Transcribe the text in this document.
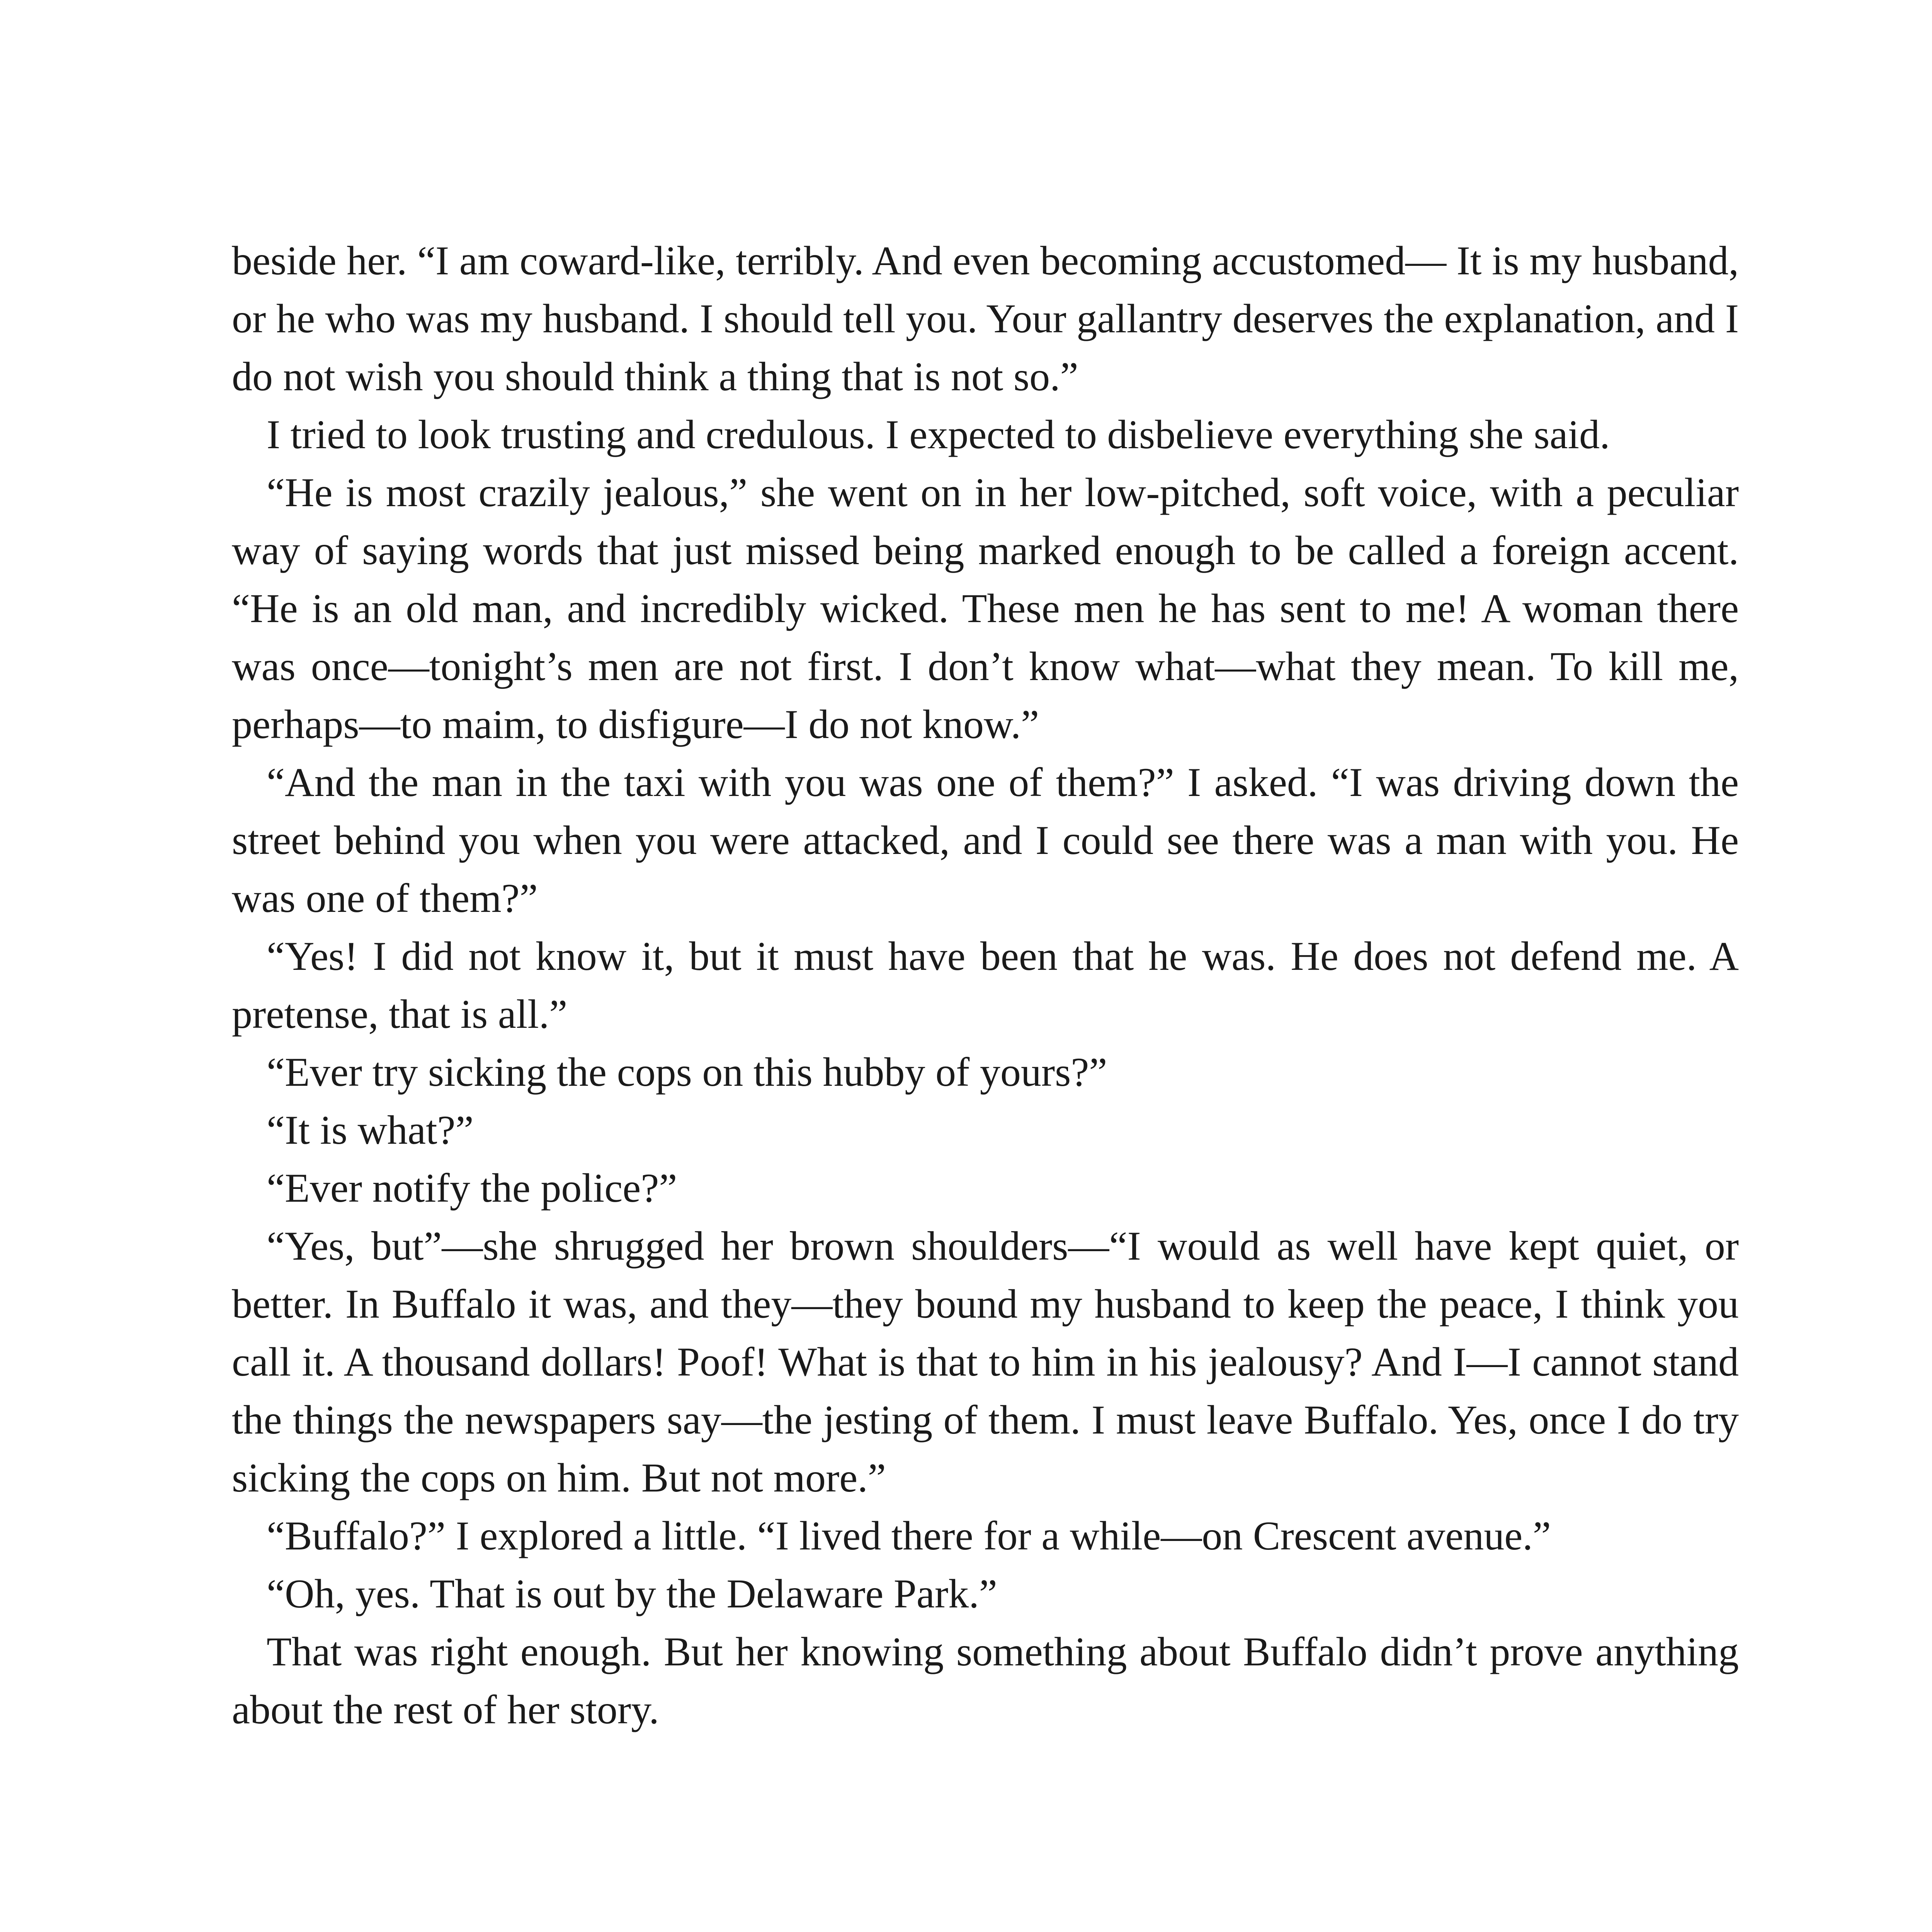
beside her. “I am coward-like, terribly. And even becoming accustomed— It is my husband, or he who was my husband. I should tell you. Your gallantry deserves the explanation, and I do not wish you should think a thing that is not so.”

I tried to look trusting and credulous. I expected to disbelieve everything she said.

“He is most crazily jealous,” she went on in her low-pitched, soft voice, with a peculiar way of saying words that just missed being marked enough to be called a foreign accent. “He is an old man, and incredibly wicked. These men he has sent to me! A woman there was once—tonight’s men are not first. I don’t know what—what they mean. To kill me, perhaps—to maim, to disfigure—I do not know.”

“And the man in the taxi with you was one of them?” I asked. “I was driving down the street behind you when you were attacked, and I could see there was a man with you. He was one of them?”

“Yes! I did not know it, but it must have been that he was. He does not defend me. A pretense, that is all.”

“Ever try sicking the cops on this hubby of yours?”

“It is what?”

“Ever notify the police?”

“Yes, but”—she shrugged her brown shoulders—“I would as well have kept quiet, or better. In Buffalo it was, and they—they bound my husband to keep the peace, I think you call it. A thousand dollars! Poof! What is that to him in his jealousy? And I—I cannot stand the things the newspapers say—the jesting of them. I must leave Buffalo. Yes, once I do try sicking the cops on him. But not more.”

“Buffalo?” I explored a little. “I lived there for a while—on Crescent avenue.”

“Oh, yes. That is out by the Delaware Park.”

That was right enough. But her knowing something about Buffalo didn’t prove anything about the rest of her story.
